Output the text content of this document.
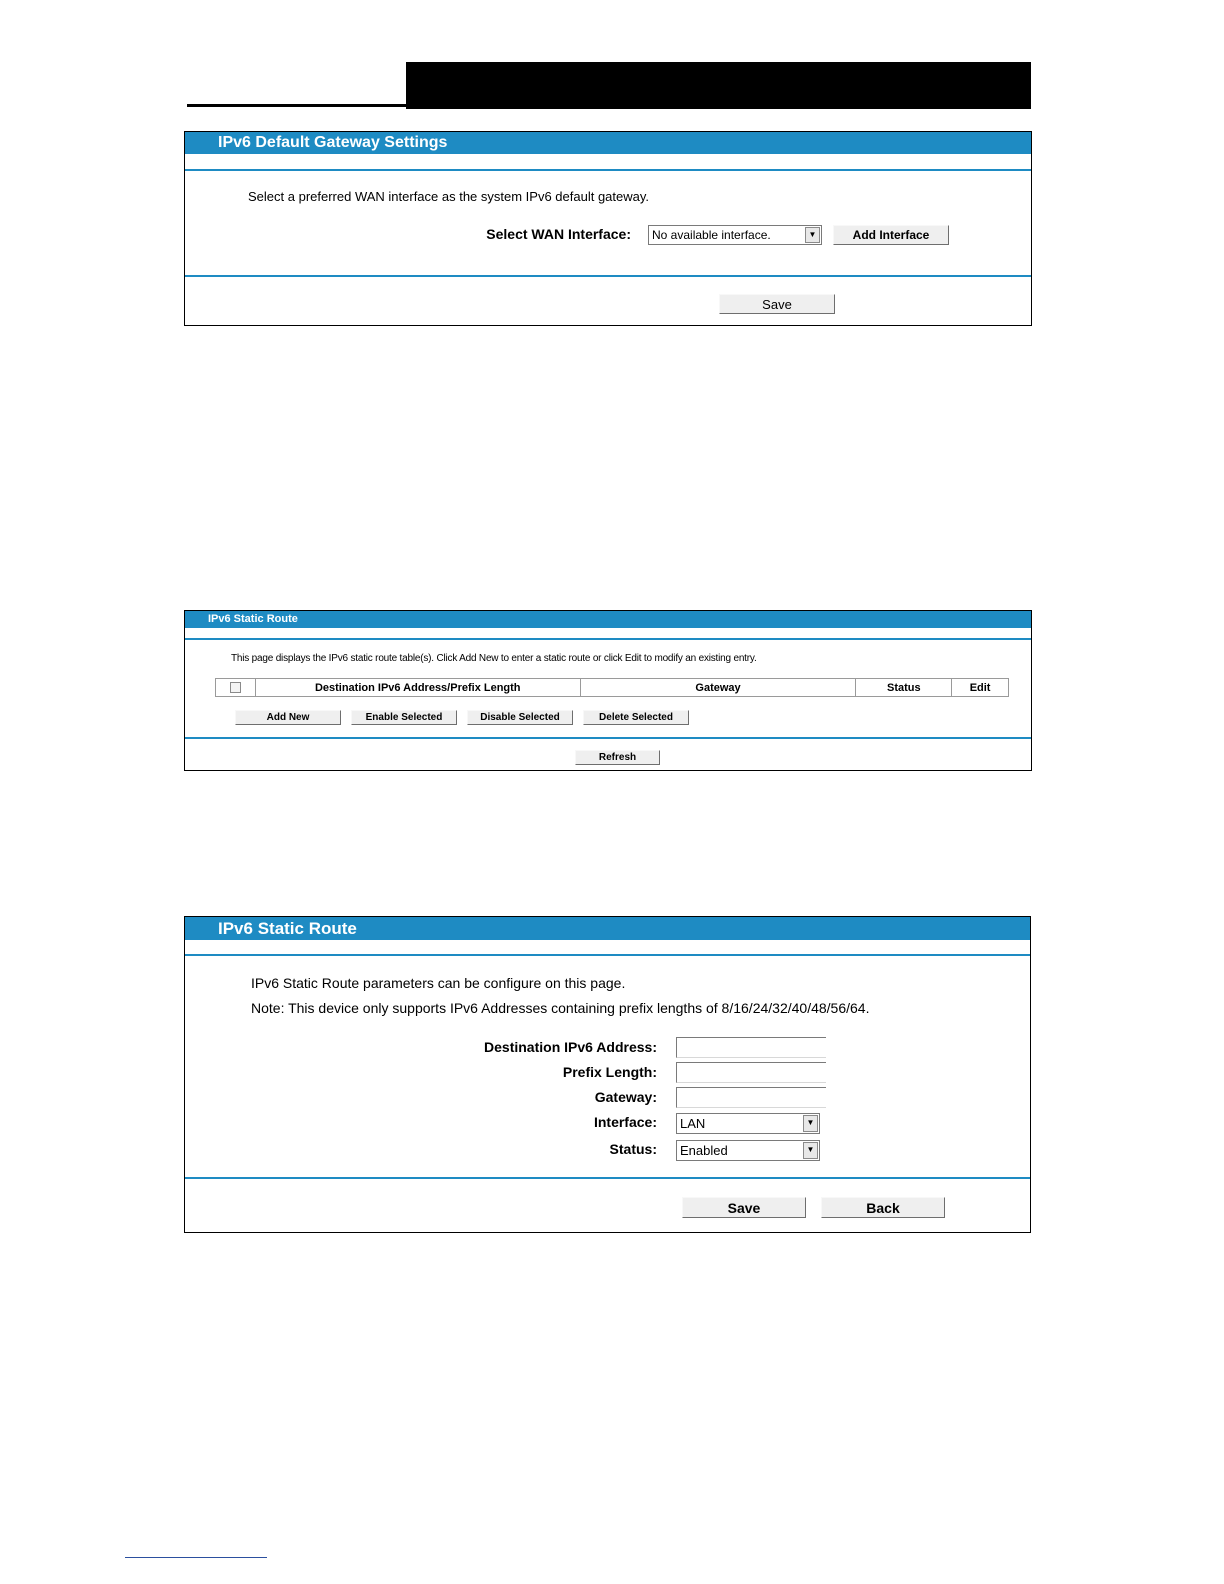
IPv6 Default Gateway Settings
Select a preferred WAN interface as the system IPv6 default gateway.
Select WAN Interface: No available interface.	▼	Add Interface
Save
IPv6 Static Route
This page displays the IPv6 static route table(s). Click Add New to enter a static route or click Edit to modify an existing entry.
	Destination IPv6 Address/Prefix Length	Gateway	Status	Edit
Add New	Enable Selected	Disable Selected	Delete Selected
Refresh
IPv6 Static Route
IPv6 Static Route parameters can be configure on this page.
Note: This device only supports IPv6 Addresses containing prefix lengths of 8/16/24/32/40/48/56/64.
Destination IPv6 Address:
Prefix Length:
Gateway:
Interface: LAN	▼
Status: Enabled	▼
Save	Back
